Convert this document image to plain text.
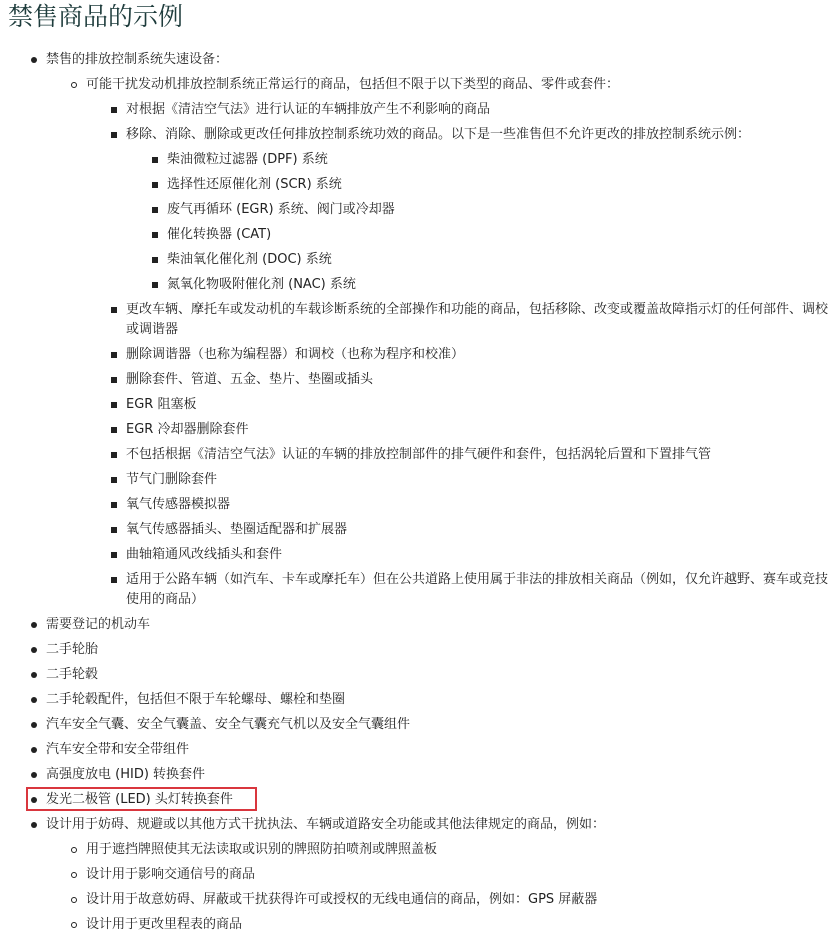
禁售商品的示例
禁售的排放控制系统失速设备：
可能干扰发动机排放控制系统正常运行的商品，包括但不限于以下类型的商品、零件或套件：
对根据《清洁空气法》进行认证的车辆排放产生不利影响的商品
移除、消除、删除或更改任何排放控制系统功效的商品。以下是一些准售但不允许更改的排放控制系统示例：
柴油微粒过滤器 (DPF) 系统
选择性还原催化剂 (SCR) 系统
废气再循环 (EGR) 系统、阀门或冷却器
催化转换器 (CAT)
柴油氧化催化剂 (DOC) 系统
氮氧化物吸附催化剂 (NAC) 系统
更改车辆、摩托车或发动机的车载诊断系统的全部操作和功能的商品，包括移除、改变或覆盖故障指示灯的任何部件、调校或调谐器
删除调谐器（也称为编程器）和调校（也称为程序和校准）
删除套件、管道、五金、垫片、垫圈或插头
EGR 阻塞板
EGR 冷却器删除套件
不包括根据《清洁空气法》认证的车辆的排放控制部件的排气硬件和套件，包括涡轮后置和下置排气管
节气门删除套件
氧气传感器模拟器
氧气传感器插头、垫圈适配器和扩展器
曲轴箱通风改线插头和套件
适用于公路车辆（如汽车、卡车或摩托车）但在公共道路上使用属于非法的排放相关商品（例如，仅允许越野、赛车或竞技使用的商品）
需要登记的机动车
二手轮胎
二手轮毂
二手轮毂配件，包括但不限于车轮螺母、螺栓和垫圈
汽车安全气囊、安全气囊盖、安全气囊充气机以及安全气囊组件
汽车安全带和安全带组件
高强度放电 (HID) 转换套件
发光二极管 (LED) 头灯转换套件
设计用于妨碍、规避或以其他方式干扰执法、车辆或道路安全功能或其他法律规定的商品，例如：
用于遮挡牌照使其无法读取或识别的牌照防拍喷剂或牌照盖板
设计用于影响交通信号的商品
设计用于故意妨碍、屏蔽或干扰获得许可或授权的无线电通信的商品，例如：GPS 屏蔽器
设计用于更改里程表的商品
